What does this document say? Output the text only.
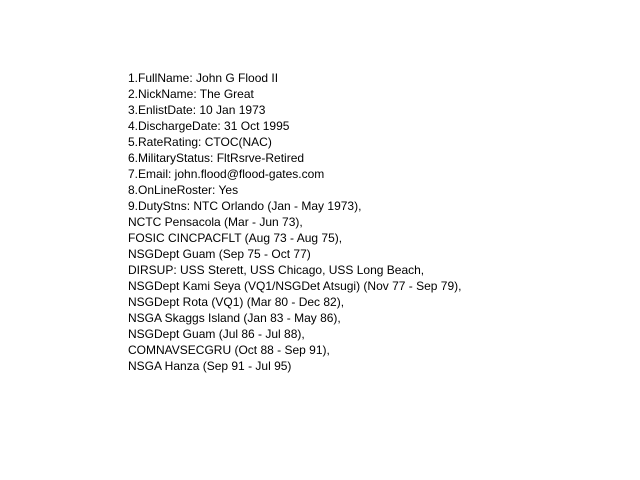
1.FullName: John G Flood II
2.NickName: The Great
3.EnlistDate: 10 Jan 1973
4.DischargeDate: 31 Oct 1995
5.RateRating: CTOC(NAC)
6.MilitaryStatus: FltRsrve-Retired
7.Email: john.flood@flood-gates.com
8.OnLineRoster: Yes
9.DutyStns: NTC Orlando (Jan - May 1973),
NCTC Pensacola (Mar - Jun 73),
FOSIC CINCPACFLT (Aug 73 - Aug 75),
NSGDept Guam (Sep 75 - Oct 77)
DIRSUP: USS Sterett, USS Chicago, USS Long Beach,
NSGDept Kami Seya (VQ1/NSGDet Atsugi) (Nov 77 - Sep 79),
NSGDept Rota (VQ1) (Mar 80 - Dec 82),
NSGA Skaggs Island (Jan 83 - May 86),
NSGDept Guam (Jul 86 - Jul 88),
COMNAVSECGRU (Oct 88 - Sep 91),
NSGA Hanza (Sep 91 - Jul 95)
